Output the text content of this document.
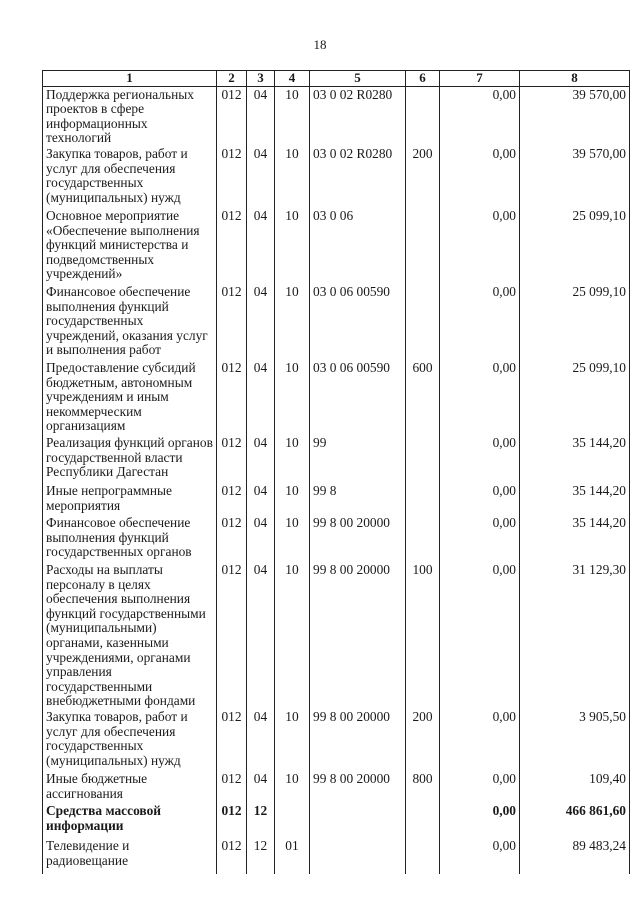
18
1	2	3	4	5	6	7	8
Поддержка региональных проектов в сфере информационных технологий	012	04	10	03 0 02 R0280		0,00	39 570,00
Закупка товаров, работ и услуг для обеспечения государственных (муниципальных) нужд	012	04	10	03 0 02 R0280	200	0,00	39 570,00
Основное мероприятие «Обеспечение выполнения функций министерства и подведомственных учреждений»	012	04	10	03 0 06		0,00	25 099,10
Финансовое обеспечение выполнения функций государственных учреждений, оказания услуг и выполнения работ	012	04	10	03 0 06 00590		0,00	25 099,10
Предоставление субсидий бюджетным, автономным учреждениям и иным некоммерческим организациям	012	04	10	03 0 06 00590	600	0,00	25 099,10
Реализация функций органов государственной власти Республики Дагестан	012	04	10	99		0,00	35 144,20
Иные непрограммные мероприятия	012	04	10	99 8		0,00	35 144,20
Финансовое обеспечение выполнения функций государственных органов	012	04	10	99 8 00 20000		0,00	35 144,20
Расходы на выплаты персоналу в целях обеспечения выполнения функций государственными (муниципальными) органами, казенными учреждениями, органами управления государственными внебюджетными фондами	012	04	10	99 8 00 20000	100	0,00	31 129,30
Закупка товаров, работ и услуг для обеспечения государственных (муниципальных) нужд	012	04	10	99 8 00 20000	200	0,00	3 905,50
Иные бюджетные ассигнования	012	04	10	99 8 00 20000	800	0,00	109,40
Средства массовой информации	012	12				0,00	466 861,60
Телевидение и радиовещание	012	12	01			0,00	89 483,24
